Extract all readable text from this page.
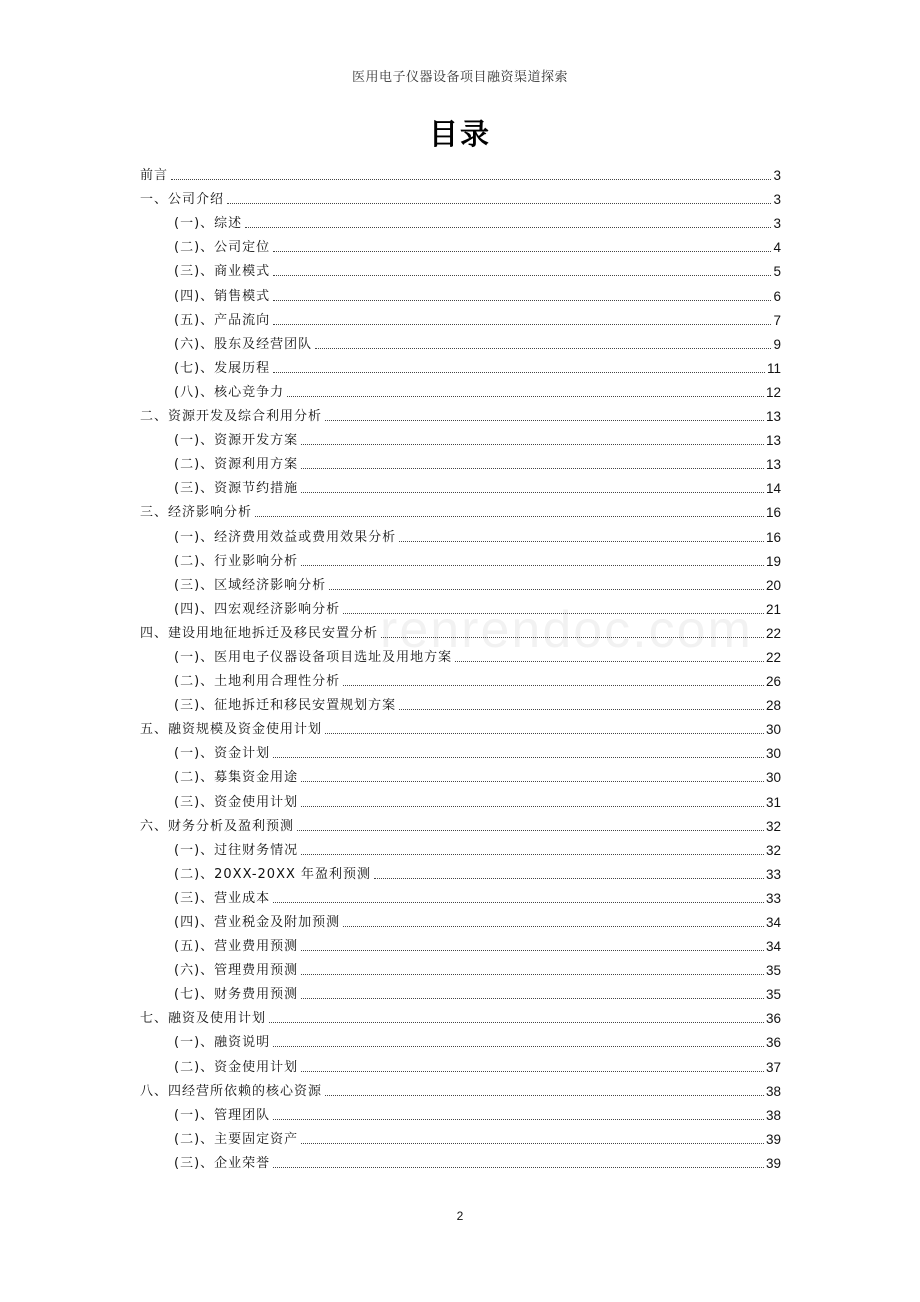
医用电子仪器设备项目融资渠道探索
目录
renrendoc.com
前言	3
一、公司介绍	3
(一)、综述	3
(二)、公司定位	4
(三)、商业模式	5
(四)、销售模式	6
(五)、产品流向	7
(六)、股东及经营团队	9
(七)、发展历程	11
(八)、核心竞争力	12
二、资源开发及综合利用分析	13
(一)、资源开发方案	13
(二)、资源利用方案	13
(三)、资源节约措施	14
三、经济影响分析	16
(一)、经济费用效益或费用效果分析	16
(二)、行业影响分析	19
(三)、区域经济影响分析	20
(四)、四宏观经济影响分析	21
四、建设用地征地拆迁及移民安置分析	22
(一)、医用电子仪器设备项目选址及用地方案	22
(二)、土地利用合理性分析	26
(三)、征地拆迁和移民安置规划方案	28
五、融资规模及资金使用计划	30
(一)、资金计划	30
(二)、募集资金用途	30
(三)、资金使用计划	31
六、财务分析及盈利预测	32
(一)、过往财务情况	32
(二)、20XX-20XX 年盈利预测	33
(三)、营业成本	33
(四)、营业税金及附加预测	34
(五)、营业费用预测	34
(六)、管理费用预测	35
(七)、财务费用预测	35
七、融资及使用计划	36
(一)、融资说明	36
(二)、资金使用计划	37
八、四经营所依赖的核心资源	38
(一)、管理团队	38
(二)、主要固定资产	39
(三)、企业荣誉	39
2
